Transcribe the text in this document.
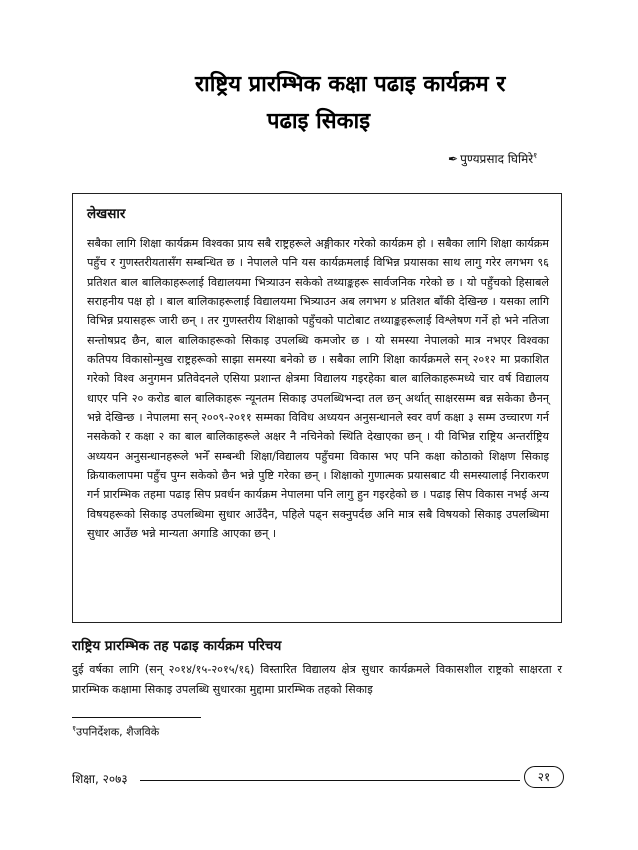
राष्ट्रिय प्रारम्भिक कक्षा पढाइ कार्यक्रम र
पढाइ सिकाइ
✒ पुण्यप्रसाद घिमिरे$^१$
लेखसार

सबैका लागि शिक्षा कार्यक्रम विश्वका प्राय सबै राष्ट्रहरूले अङ्गीकार गरेको कार्यक्रम हो । सबैका लागि शिक्षा कार्यक्रम पहुँच र गुणस्तरीयतासँग सम्बन्धित छ । नेपालले पनि यस कार्यक्रमलाई विभिन्न प्रयासका साथ लागु गरेर लगभग ९६ प्रतिशत बाल बालिकाहरूलाई विद्यालयमा भित्र्याउन सकेको तथ्याङ्कहरू सार्वजनिक गरेको छ । यो पहुँचको हिसाबले सराहनीय पक्ष हो । बाल बालिकाहरूलाई विद्यालयमा भित्र्याउन अब लगभग ४ प्रतिशत बाँकी देखिन्छ । यसका लागि विभिन्न प्रयासहरू जारी छन् । तर गुणस्तरीय शिक्षाको पहुँचको पाटोबाट तथ्याङ्कहरूलाई विश्लेषण गर्ने हो भने नतिजा सन्तोषप्रद छैन, बाल बालिकाहरूको सिकाइ उपलब्धि कमजोर छ । यो समस्या नेपालको मात्र नभएर विश्वका कतिपय विकासोन्मुख राष्ट्रहरूको साझा समस्या बनेको छ । सबैका लागि शिक्षा कार्यक्रमले सन् २०१२ मा प्रकाशित गरेको विश्व अनुगमन प्रतिवेदनले एसिया प्रशान्त क्षेत्रमा विद्यालय गइरहेका बाल बालिकाहरूमध्ये चार वर्ष विद्यालय धाएर पनि २० करोड बाल बालिकाहरू न्यूनतम सिकाइ उपलब्धिभन्दा तल छन् अर्थात् साक्षरसम्म बन्न सकेका छैनन् भन्ने देखिन्छ । नेपालमा सन् २००९-२०११ सम्मका विविध अध्ययन अनुसन्धानले स्वर वर्ण कक्षा ३ सम्म उच्चारण गर्न नसकेको र कक्षा २ का बाल बालिकाहरूले अक्षर नै नचिनेको स्थिति देखाएका छन् । यी विभिन्न राष्ट्रिय अन्तर्राष्ट्रिय अध्ययन अनुसन्धानहरूले भनेँ सम्बन्धी शिक्षा/विद्यालय पहुँचमा विकास भए पनि कक्षा कोठाको शिक्षण सिकाइ क्रियाकलापमा पहुँच पुग्न सकेको छैन भन्ने पुष्टि गरेका छन् । शिक्षाको गुणात्मक प्रयासबाट यी समस्यालाई निराकरण गर्न प्रारम्भिक तहमा पढाइ सिप प्रवर्धन कार्यक्रम नेपालमा पनि लागु हुन गइरहेको छ । पढाइ सिप विकास नभई अन्य विषयहरूको सिकाइ उपलब्धिमा सुधार आउँदैन, पहिले पढ्न सक्नुपर्दछ अनि मात्र सबै विषयको सिकाइ उपलब्धिमा सुधार आउँछ भन्ने मान्यता अगाडि आएका छन् ।

राष्ट्रिय प्रारम्भिक तह पढाइ कार्यक्रम परिचय

दुई वर्षका लागि (सन् २०१४/१५-२०१५/१६) विस्तारित विद्यालय क्षेत्र सुधार कार्यक्रमले विकासशील राष्ट्रको साक्षरता र प्रारम्भिक कक्षामा सिकाइ उपलब्धि सुधारका मुद्दामा प्रारम्भिक तहको सिकाइ

$^१$उपनिर्देशक, शैजविके
शिक्षा, २०७३	२१
